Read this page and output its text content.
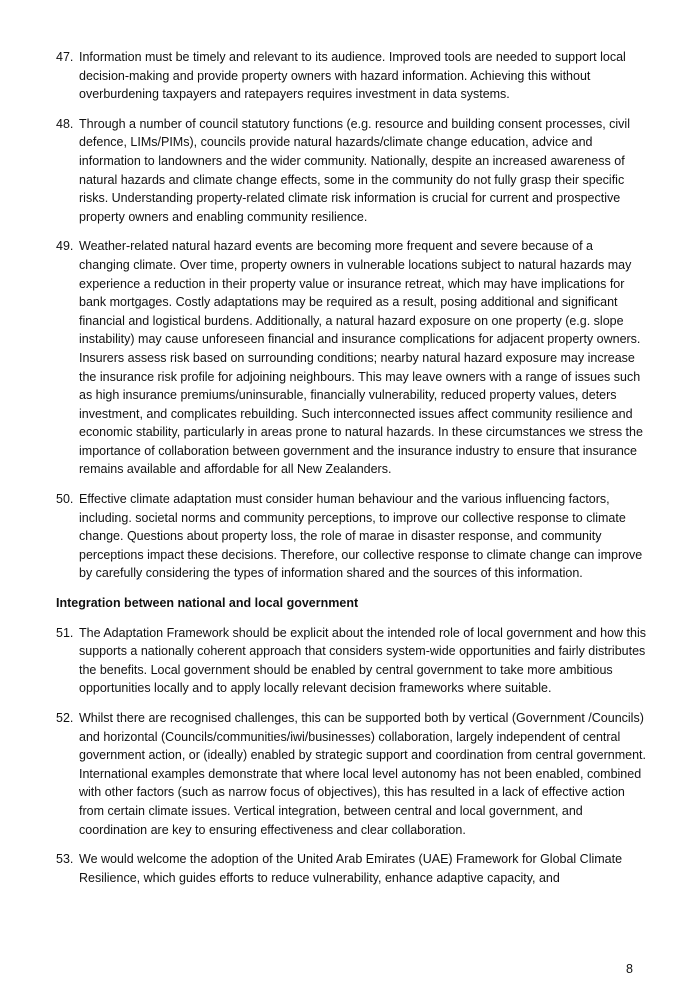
47. Information must be timely and relevant to its audience. Improved tools are needed to support local decision-making and provide property owners with hazard information. Achieving this without overburdening taxpayers and ratepayers requires investment in data systems.
48. Through a number of council statutory functions (e.g. resource and building consent processes, civil defence, LIMs/PIMs), councils provide natural hazards/climate change education, advice and information to landowners and the wider community. Nationally, despite an increased awareness of natural hazards and climate change effects, some in the community do not fully grasp their specific risks. Understanding property-related climate risk information is crucial for current and prospective property owners and enabling community resilience.
49. Weather-related natural hazard events are becoming more frequent and severe because of a changing climate. Over time, property owners in vulnerable locations subject to natural hazards may experience a reduction in their property value or insurance retreat, which may have implications for bank mortgages. Costly adaptations may be required as a result, posing additional and significant financial and logistical burdens. Additionally, a natural hazard exposure on one property (e.g. slope instability) may cause unforeseen financial and insurance complications for adjacent property owners. Insurers assess risk based on surrounding conditions; nearby natural hazard exposure may increase the insurance risk profile for adjoining neighbours. This may leave owners with a range of issues such as high insurance premiums/uninsurable, financially vulnerability, reduced property values, deters investment, and complicates rebuilding. Such interconnected issues affect community resilience and economic stability, particularly in areas prone to natural hazards. In these circumstances we stress the importance of collaboration between government and the insurance industry to ensure that insurance remains available and affordable for all New Zealanders.
50. Effective climate adaptation must consider human behaviour and the various influencing factors, including. societal norms and community perceptions, to improve our collective response to climate change. Questions about property loss, the role of marae in disaster response, and community perceptions impact these decisions. Therefore, our collective response to climate change can improve by carefully considering the types of information shared and the sources of this information.
Integration between national and local government
51. The Adaptation Framework should be explicit about the intended role of local government and how this supports a nationally coherent approach that considers system-wide opportunities and fairly distributes the benefits. Local government should be enabled by central government to take more ambitious opportunities locally and to apply locally relevant decision frameworks where suitable.
52. Whilst there are recognised challenges, this can be supported both by vertical (Government /Councils) and horizontal (Councils/communities/iwi/businesses) collaboration, largely independent of central government action, or (ideally) enabled by strategic support and coordination from central government. International examples demonstrate that where local level autonomy has not been enabled, combined with other factors (such as narrow focus of objectives), this has resulted in a lack of effective action from certain climate issues. Vertical integration, between central and local government, and coordination are key to ensuring effectiveness and clear collaboration.
53. We would welcome the adoption of the United Arab Emirates (UAE) Framework for Global Climate Resilience, which guides efforts to reduce vulnerability, enhance adaptive capacity, and
8
